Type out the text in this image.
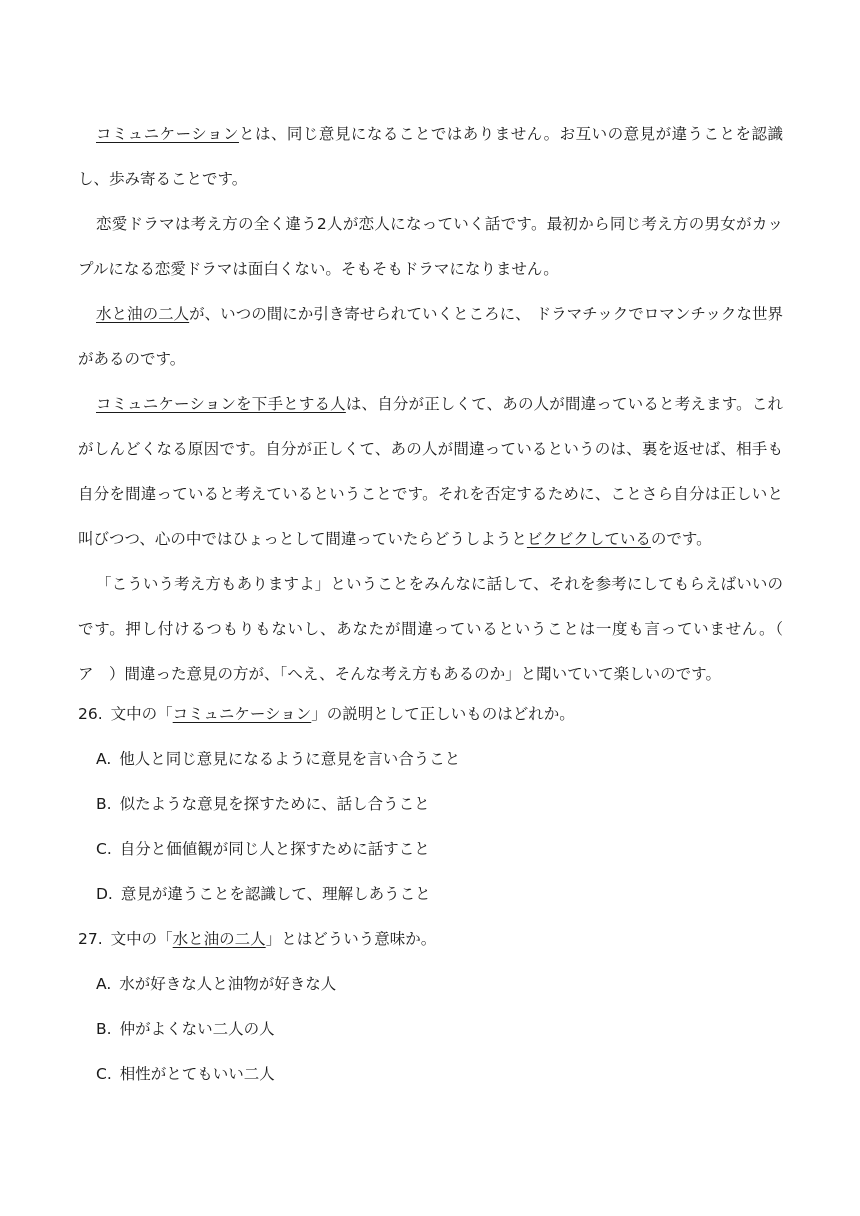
コミュニケーションとは、同じ意見になることではありません。お互いの意見が違うことを認識し、歩み寄ることです。

恋愛ドラマは考え方の全く違う2人が恋人になっていく話です。最初から同じ考え方の男女がカップルになる恋愛ドラマは面白くない。そもそもドラマになりません。

水と油の二人が、いつの間にか引き寄せられていくところに、 ドラマチックでロマンチックな世界があるのです。

コミュニケーションを下手とする人は、自分が正しくて、あの人が間違っていると考えます。これがしんどくなる原因です。自分が正しくて、あの人が間違っているというのは、裏を返せば、相手も自分を間違っていると考えているということです。それを否定するために、ことさら自分は正しいと叫びつつ、心の中ではひょっとして間違っていたらどうしようとビクビクしているのです。

「こういう考え方もありますよ」ということをみんなに話して、それを参考にしてもらえばいいのです。押し付けるつもりもないし、あなたが間違っているということは一度も言っていません。（　ア　）間違った意見の方が、「へえ、そんな考え方もあるのか」と聞いていて楽しいのです。

26. 文中の「コミュニケーション」の説明として正しいものはどれか。

A. 他人と同じ意見になるように意見を言い合うこと

B. 似たような意見を探すために、話し合うこと

C. 自分と価値観が同じ人と探すために話すこと

D. 意見が違うことを認識して、理解しあうこと

27. 文中の「水と油の二人」とはどういう意味か。

A. 水が好きな人と油物が好きな人

B. 仲がよくない二人の人

C. 相性がとてもいい二人
